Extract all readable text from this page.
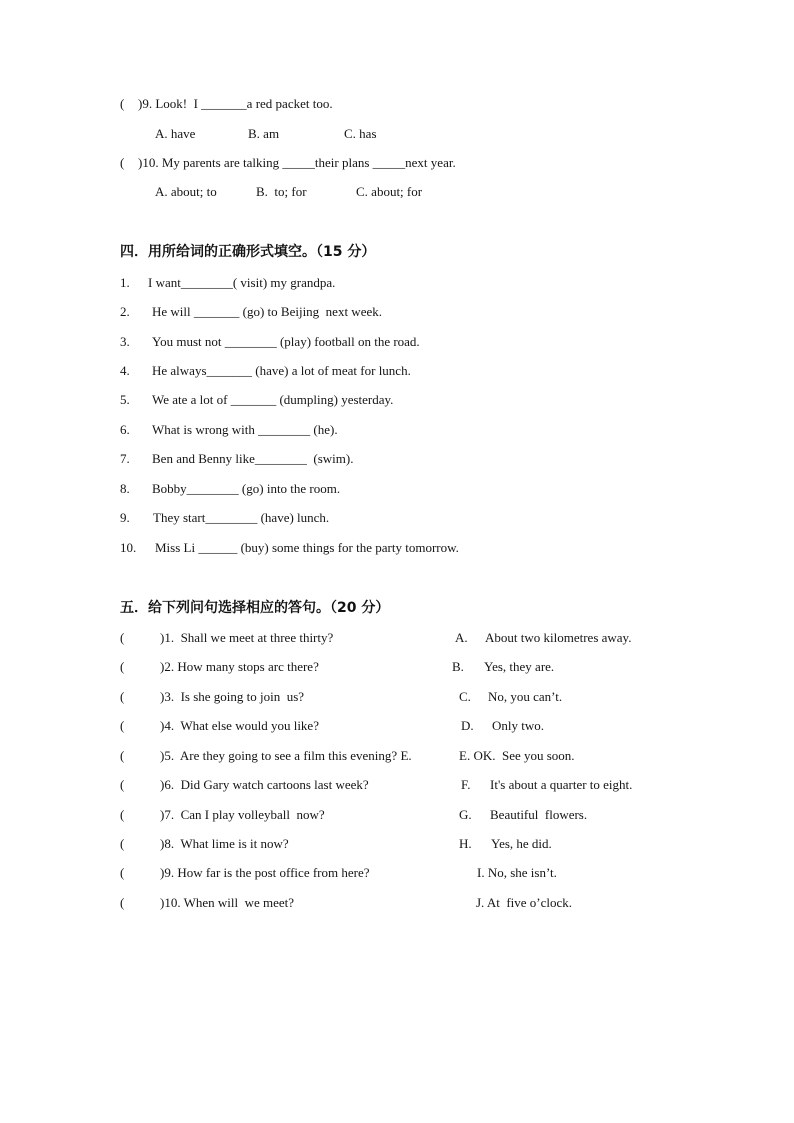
( )9. Look!  I _______a red packet too.
A. have	B. am	C. has
( )10. My parents are talking _____their plans _____next year.
A. about; to	B.  to; for	C. about; for
四．用所给词的正确形式填空。（15 分）
1. I want________( visit) my grandpa.
2. He will _______ (go) to Beijing  next week.
3. You must not ________ (play) football on the road.
4. He always_______ (have) a lot of meat for lunch.
5. We ate a lot of _______ (dumpling) yesterday.
6. What is wrong with ________ (he).
7. Ben and Benny like________  (swim).
8. Bobby________ (go) into the room.
9. They start________ (have) lunch.
10. Miss Li ______ (buy) some things for the party tomorrow.
五．给下列问句选择相应的答句。（20 分）
(	)1.  Shall we meet at three thirty?	A. About two kilometres away.
(	)2. How many stops arc there?	B. Yes, they are.
(	)3.  Is she going to join  us?	C. No, you can’t.
(	)4.  What else would you like?	D. Only two.
(	)5.  Are they going to see a film this evening? E.	E. OK.  See you soon.
(	)6.  Did Gary watch cartoons last week?	F. It's about a quarter to eight.
(	)7.  Can I play volleyball  now?	G. Beautiful  flowers.
(	)8.  What lime is it now?	H. Yes, he did.
(	)9. How far is the post office from here?	I. No, she isn’t.
(	)10. When will  we meet?	J. At  five o’clock.
